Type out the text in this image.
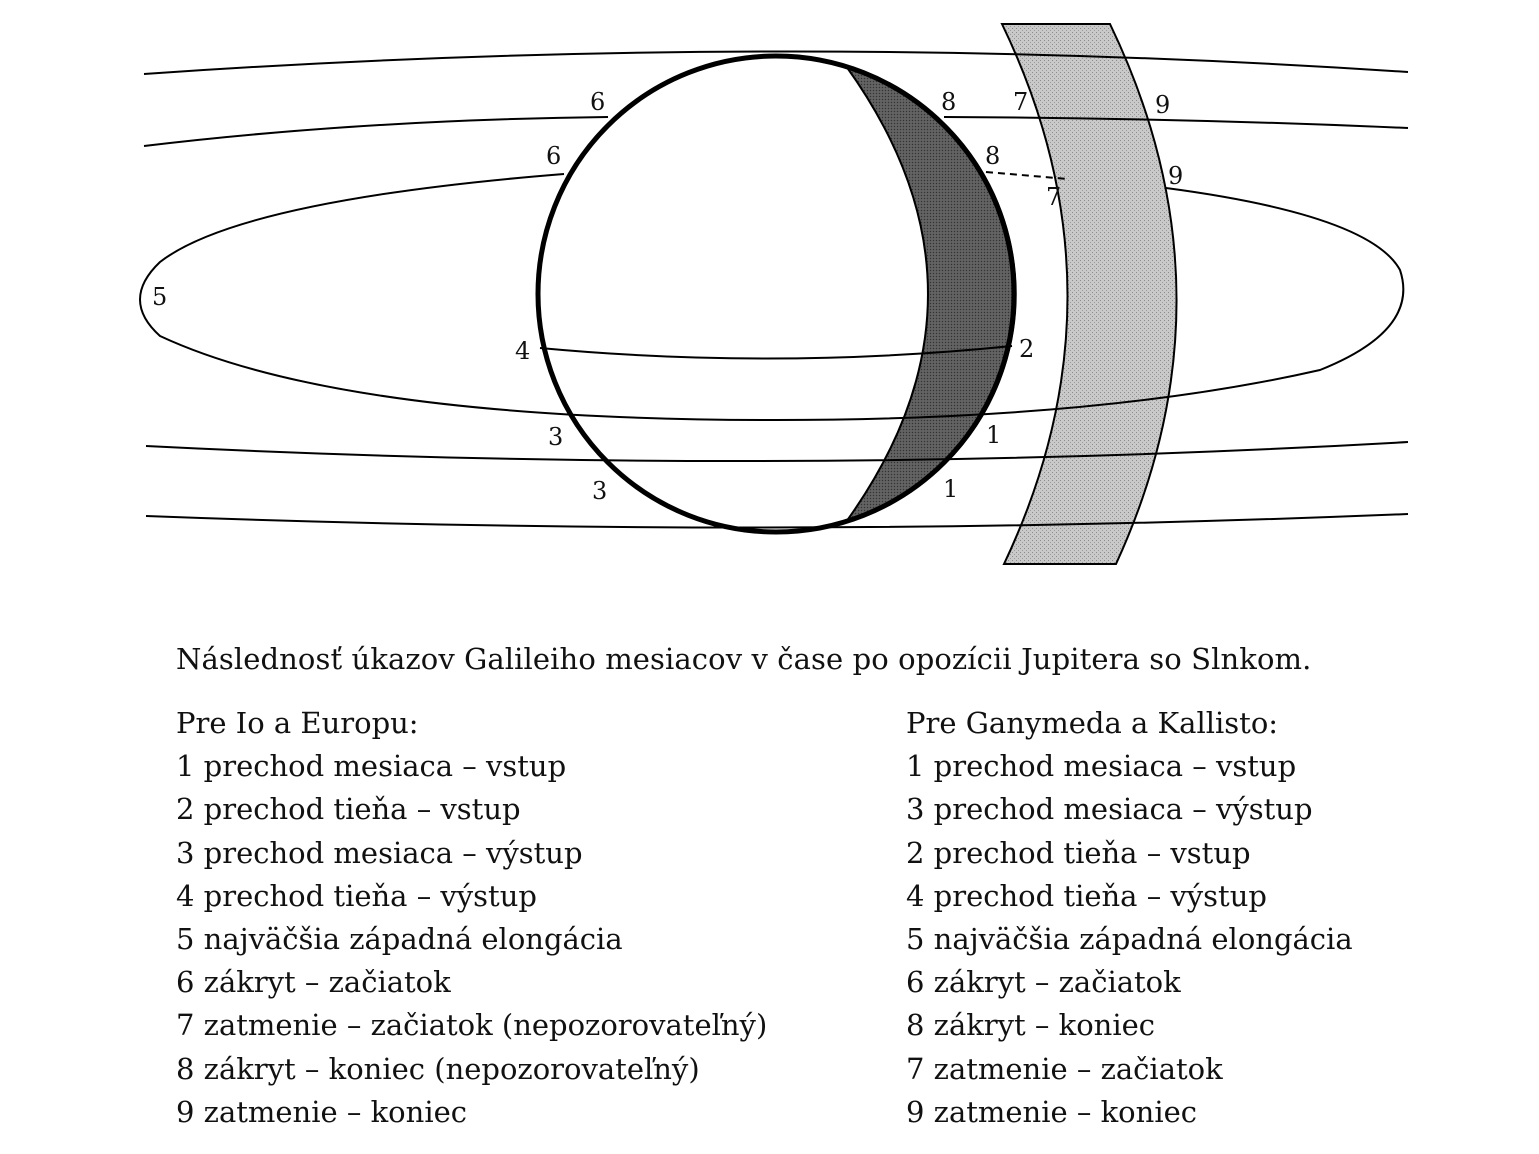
6	8 7	9
6	8
7
9
5
4	2
3	1
3	1
Následnosť úkazov Galileiho mesiacov v čase po opozícii Jupitera so Slnkom.
Pre Io a Europu:
1 prechod mesiaca – vstup
2 prechod tieňa – vstup
3 prechod mesiaca – výstup
4 prechod tieňa – výstup
5 najväčšia západná elongácia
6 zákryt – začiatok
7 zatmenie – začiatok (nepozorovateľný)
8 zákryt – koniec (nepozorovateľný)
9 zatmenie – koniec
Pre Ganymeda a Kallisto:
1 prechod mesiaca – vstup
3 prechod mesiaca – výstup
2 prechod tieňa – vstup
4 prechod tieňa – výstup
5 najväčšia západná elongácia
6 zákryt – začiatok
8 zákryt – koniec
7 zatmenie – začiatok
9 zatmenie – koniec
